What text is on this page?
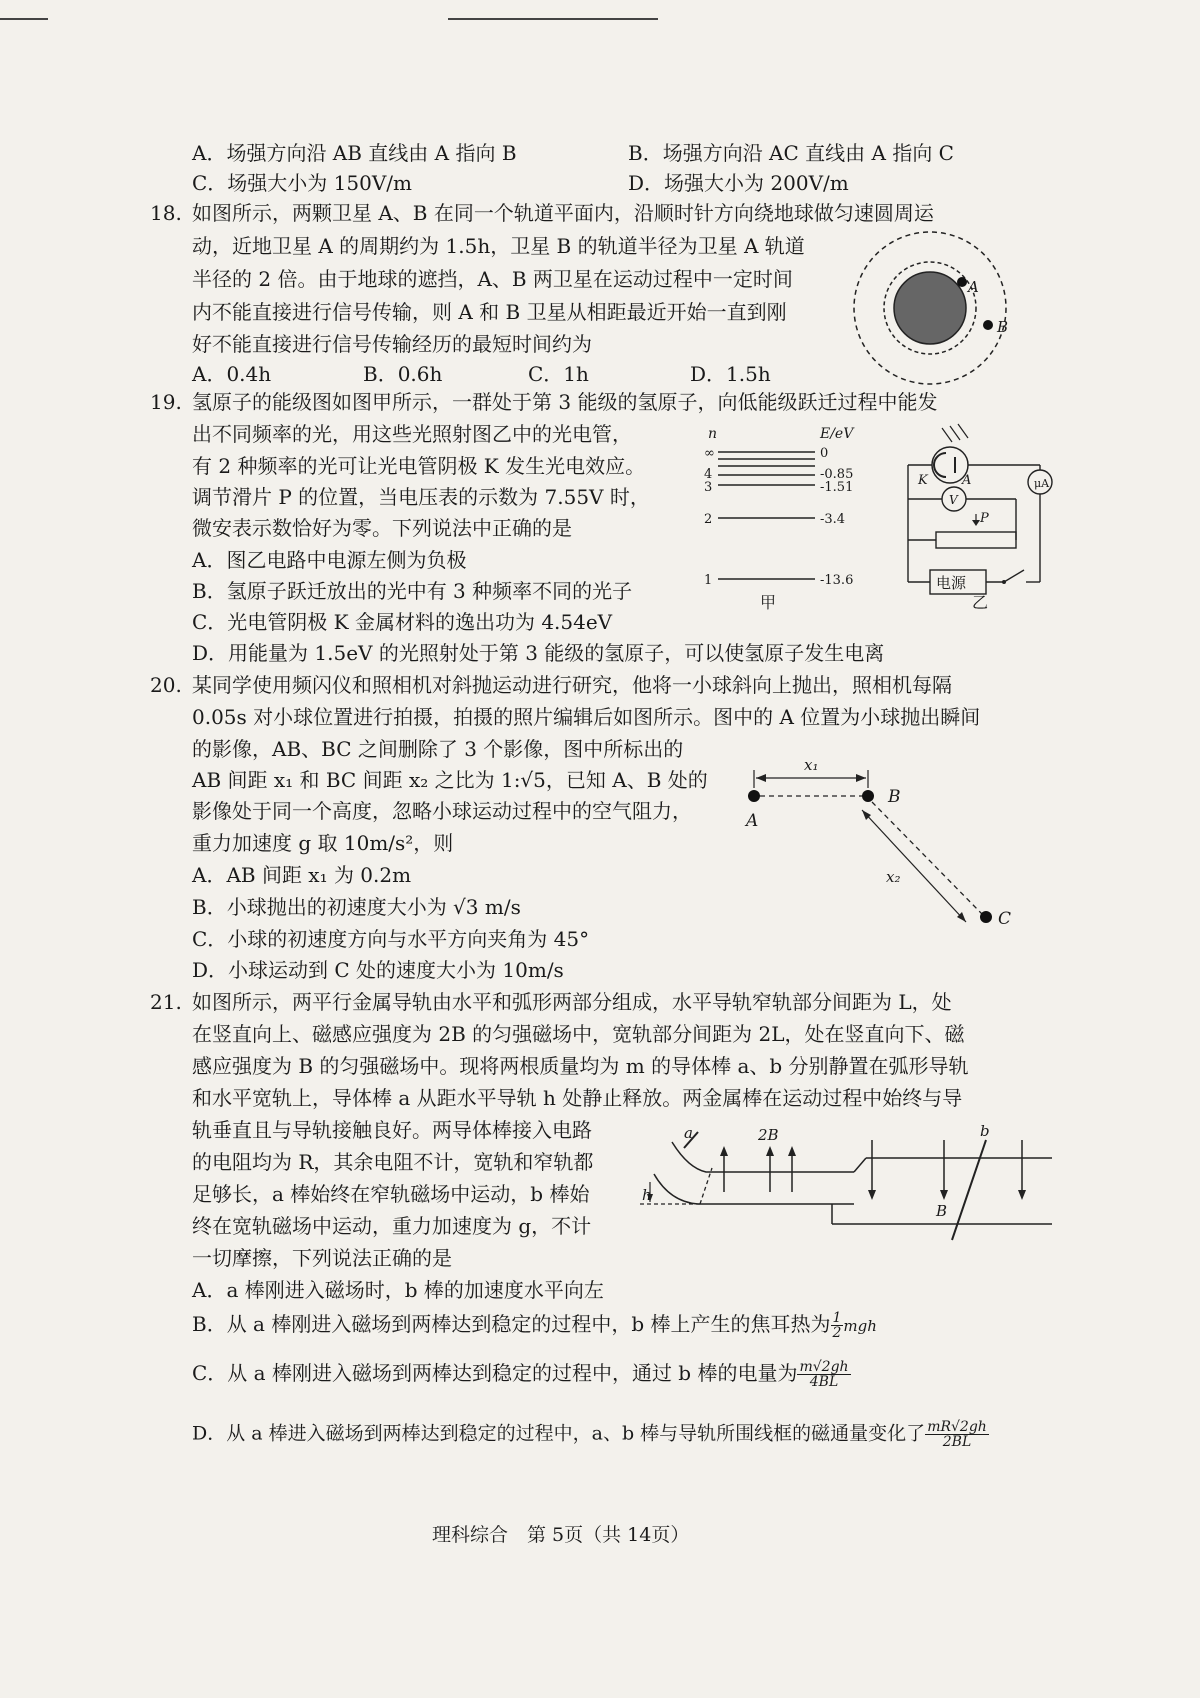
A．场强方向沿 AB 直线由 A 指向 B	B．场强方向沿 AC 直线由 A 指向 C
C．场强大小为 150V/m	D．场强大小为 200V/m
18. 如图所示，两颗卫星 A、B 在同一个轨道平面内，沿顺时针方向绕地球做匀速圆周运
动，近地卫星 A 的周期约为 1.5h，卫星 B 的轨道半径为卫星 A 轨道
半径的 2 倍。由于地球的遮挡，A、B 两卫星在运动过程中一定时间
内不能直接进行信号传输，则 A 和 B 卫星从相距最近开始一直到刚
好不能直接进行信号传输经历的最短时间约为
A．0.4h	B．0.6h	C．1h	D．1.5h
A
B
19. 氢原子的能级图如图甲所示，一群处于第 3 能级的氢原子，向低能级跃迁过程中能发
出不同频率的光，用这些光照射图乙中的光电管，
有 2 种频率的光可让光电管阴极 K 发生光电效应。
调节滑片 P 的位置，当电压表的示数为 7.55V 时，
微安表示数恰好为零。下列说法中正确的是
A．图乙电路中电源左侧为负极
B．氢原子跃迁放出的光中有 3 种频率不同的光子
C．光电管阴极 K 金属材料的逸出功为 4.54eV
D．用能量为 1.5eV 的光照射处于第 3 能级的氢原子，可以使氢原子发生电离
n	E/eV
∞	0
4	-0.85
3	-1.51
2	-3.4
1	-13.6
甲
K	A	μA
V
P
电源
乙
20. 某同学使用频闪仪和照相机对斜抛运动进行研究，他将一小球斜向上抛出，照相机每隔
0.05s 对小球位置进行拍摄，拍摄的照片编辑后如图所示。图中的 A 位置为小球抛出瞬间
的影像，AB、BC 之间删除了 3 个影像，图中所标出的
AB 间距 x₁ 和 BC 间距 x₂ 之比为 1:√5，已知 A、B 处的
影像处于同一个高度，忽略小球运动过程中的空气阻力，
重力加速度 g 取 10m/s²，则
A．AB 间距 x₁ 为 0.2m
B．小球抛出的初速度大小为 √3 m/s
C．小球的初速度方向与水平方向夹角为 45°
D．小球运动到 C 处的速度大小为 10m/s
x₁
x₂
A
B
C
21. 如图所示，两平行金属导轨由水平和弧形两部分组成，水平导轨窄轨部分间距为 L，处
在竖直向上、磁感应强度为 2B 的匀强磁场中，宽轨部分间距为 2L，处在竖直向下、磁
感应强度为 B 的匀强磁场中。现将两根质量均为 m 的导体棒 a、b 分别静置在弧形导轨
和水平宽轨上，导体棒 a 从距水平导轨 h 处静止释放。两金属棒在运动过程中始终与导
轨垂直且与导轨接触良好。两导体棒接入电路
的电阻均为 R，其余电阻不计，宽轨和窄轨都
足够长，a 棒始终在窄轨磁场中运动，b 棒始
终在宽轨磁场中运动，重力加速度为 g，不计
一切摩擦，下列说法正确的是
A．a 棒刚进入磁场时，b 棒的加速度水平向左
B．从 a 棒刚进入磁场到两棒达到稳定的过程中，b 棒上产生的焦耳热为 $\frac{1}{2}$ mgh
C．从 a 棒刚进入磁场到两棒达到稳定的过程中，通过 b 棒的电量为 $\frac{m√2gh}{4BL}$
D．从 a 棒进入磁场到两棒达到稳定的过程中，a、b 棒与导轨所围线框的磁通量变化了 $\frac{mR√2gh}{2BL}$
a	b
h
2B
B
理科综合　第 5页（共 14页）
